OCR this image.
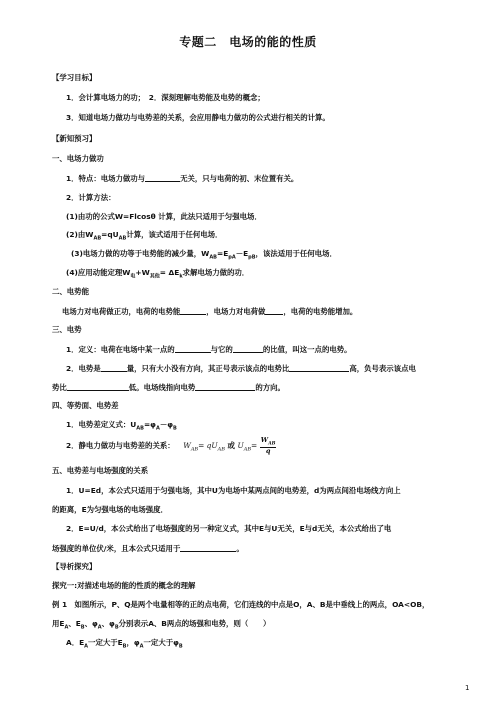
专题二　电场的能的性质
【学习目标】
1．会计算电场力的功；　2．深刻理解电势能及电势的概念；
3．知道电场力做功与电势差的关系，会应用静电力做功的公式进行相关的计算。
【新知预习】
一、电场力做功
1．特点：电场力做功与	无关，只与电荷的初、末位置有关。
2．计算方法：
(1)由功的公式W=Flcosθ 计算，此法只适用于匀强电场．
(2)由$W_{AB}=qU_{AB}$计算，该式适用于任何电场．
(3)电场力做的功等于电势能的减少量，$W_{AB}=E_{pA}-E_{pB}$，该法适用于任何电场．
(4)应用动能定理$W_电+W_{其他}= \Delta E_k$求解电场力做的功．
二、电势能
电场力对电荷做正功，电荷的电势能	，电场力对电荷做 ，电荷的电势能增加。
三、电势
1．定义：电荷在电场中某一点的	与它的	的比值，叫这一点的电势。
2．电势是	量，只有大小没有方向，其正号表示该点的电势比	高，负号表示该点电
势比	低。电场线指向电势	的方向。
四、等势面、电势差
1．电势差定义式：$U_{AB}=\varphi_A-\varphi_B$
2．静电力做功与电势差的关系： $W_{AB}= qU_{AB}$ 或 $U_{AB}= \frac{W_{AB}}{q}$
五、电势差与电场强度的关系
1．U=Ed，本公式只适用于匀强电场，其中U为电场中某两点间的电势差，d为两点间沿电场线方向上
的距离，E为匀强电场的电场强度．
2．E=U/d，本公式给出了电场强度的另一种定义式，其中E与U无关，E与d无关，本公式给出了电
场强度的单位伏/米，且本公式只适用于	。
【导析探究】
探究一:对描述电场的能的性质的概念的理解
例 1　如图所示，P、Q是两个电量相等的正的点电荷，它们连线的中点是O，A、B是中垂线上的两点，OA<OB，
用$E_A$、$E_B$、$\varphi_A$、$\varphi_B$分别表示A、B两点的场强和电势，则（　　）
A．$E_A$一定大于$E_B$，$\varphi_A$一定大于$\varphi_B$
1
